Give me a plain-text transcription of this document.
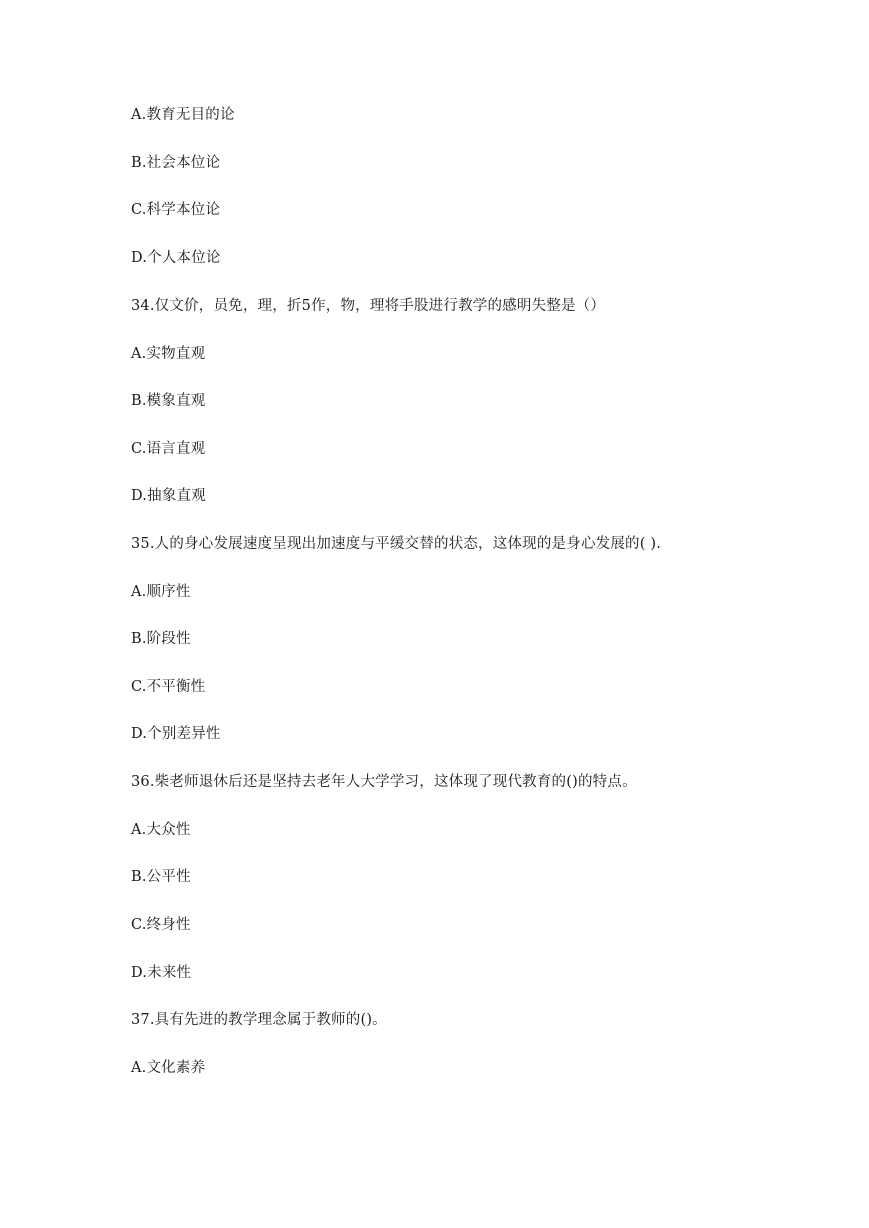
A.教育无目的论
B.社会本位论
C.科学本位论
D.个人本位论
34.仅文价，员免，理，折5作，物，理将手股进行教学的感明失整是（）
A.实物直观
B.模象直观
C.语言直观
D.抽象直观
35.人的身心发展速度呈现出加速度与平缓交替的状态，这体现的是身心发展的( ).
A.顺序性
B.阶段性
C.不平衡性
D.个别差异性
36.柴老师退休后还是坚持去老年人大学学习，这体现了现代教育的()的特点。
A.大众性
B.公平性
C.终身性
D.未来性
37.具有先进的教学理念属于教师的()。
A.文化素养
